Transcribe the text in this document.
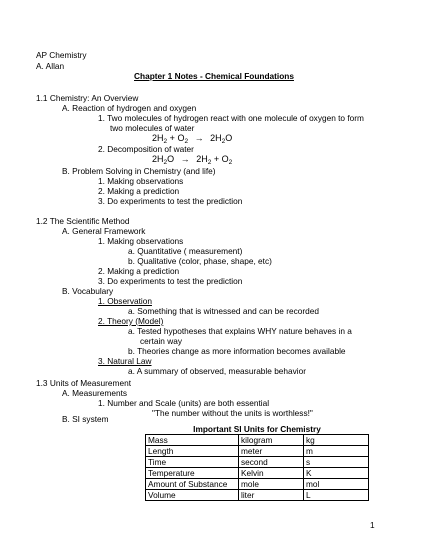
AP Chemistry
A. Allan
Chapter 1 Notes - Chemical Foundations
1.1 Chemistry: An Overview
A. Reaction of hydrogen and oxygen
1. Two molecules of hydrogen react with one molecule of oxygen to form
two molecules of water
$2H_2 + O_2 \to 2H_2O$
2. Decomposition of water
$2H_2O \to 2H_2 + O_2$
B. Problem Solving in Chemistry (and life)
1. Making observations
2. Making a prediction
3. Do experiments to test the prediction
1.2 The Scientific Method
A. General Framework
1. Making observations
a. Quantitative ( measurement)
b. Qualitative (color, phase, shape, etc)
2. Making a prediction
3. Do experiments to test the prediction
B. Vocabulary
1. Observation
a. Something that is witnessed and can be recorded
2. Theory (Model)
a. Tested hypotheses that explains WHY nature behaves in a
certain way
b. Theories change as more information becomes available
3. Natural Law
a. A summary of observed, measurable behavior
1.3 Units of Measurement
A. Measurements
1. Number and Scale (units) are both essential
"The number without the units is worthless!"
B. SI system
Important SI Units for Chemistry
Mass	kilogram	kg
Length	meter	m
Time	second	s
Temperature	Kelvin	K
Amount of Substance	mole	mol
Volume	liter	L
1
